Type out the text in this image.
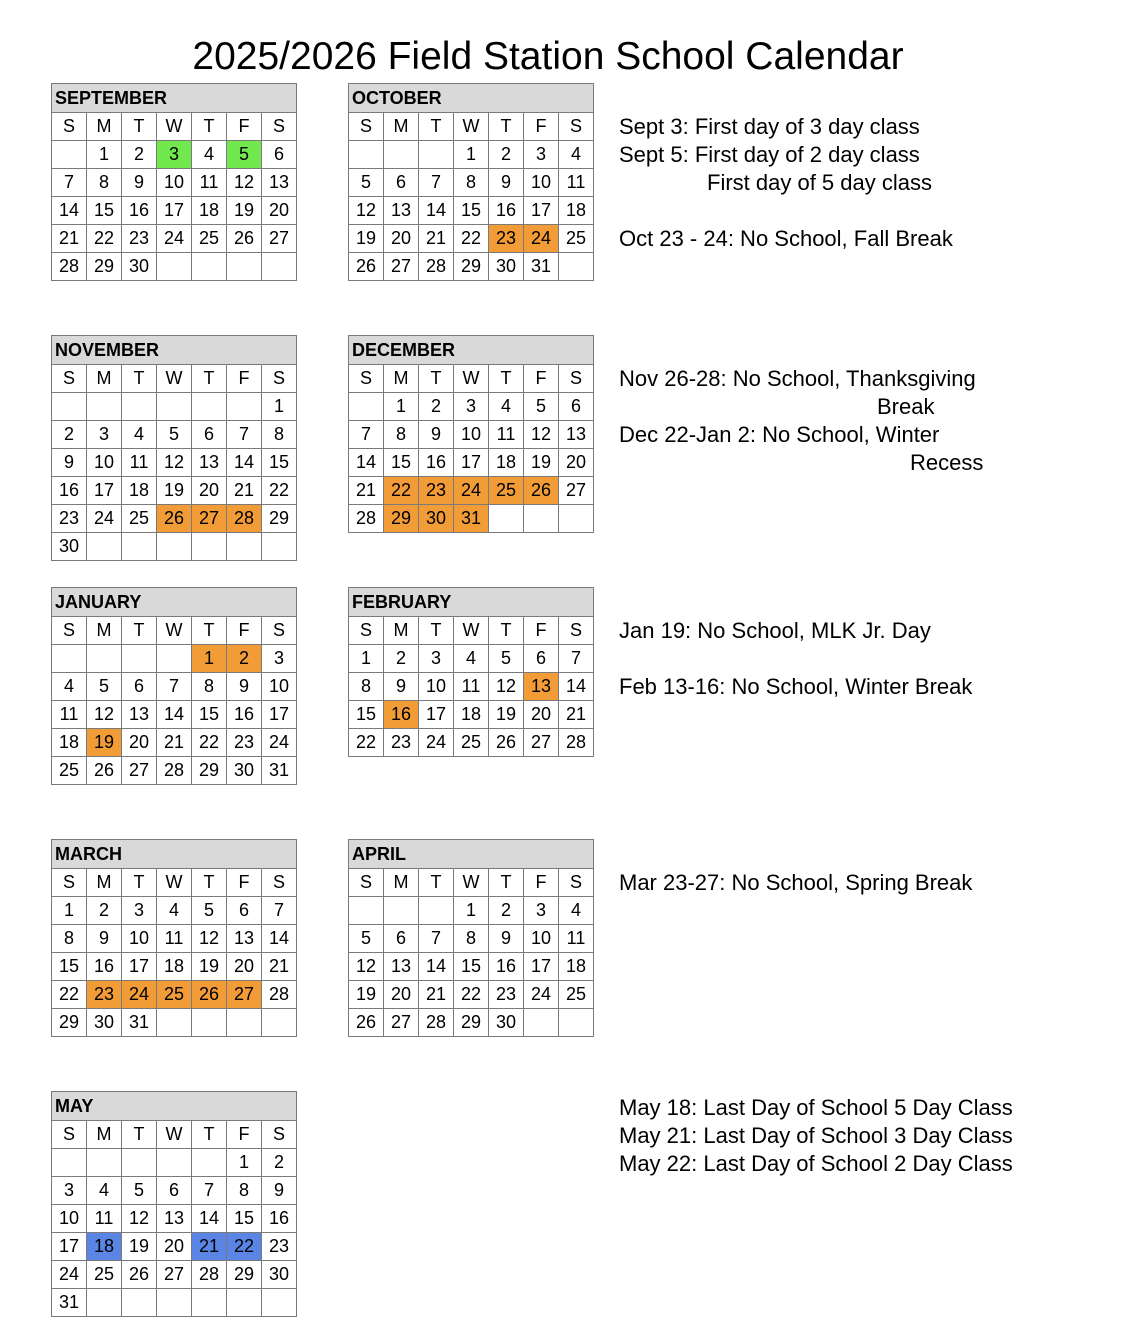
2025/2026 Field Station School Calendar
SEPTEMBER						
S	M	T	W	T	F	S
	1	2	3	4	5	6
7	8	9	10	11	12	13
14	15	16	17	18	19	20
21	22	23	24	25	26	27
28	29	30				
OCTOBER						
S	M	T	W	T	F	S
			1	2	3	4
5	6	7	8	9	10	11
12	13	14	15	16	17	18
19	20	21	22	23	24	25
26	27	28	29	30	31	
NOVEMBER						
S	M	T	W	T	F	S
						1
2	3	4	5	6	7	8
9	10	11	12	13	14	15
16	17	18	19	20	21	22
23	24	25	26	27	28	29
30						
DECEMBER						
S	M	T	W	T	F	S
	1	2	3	4	5	6
7	8	9	10	11	12	13
14	15	16	17	18	19	20
21	22	23	24	25	26	27
28	29	30	31			
JANUARY						
S	M	T	W	T	F	S
				1	2	3
4	5	6	7	8	9	10
11	12	13	14	15	16	17
18	19	20	21	22	23	24
25	26	27	28	29	30	31
FEBRUARY						
S	M	T	W	T	F	S
1	2	3	4	5	6	7
8	9	10	11	12	13	14
15	16	17	18	19	20	21
22	23	24	25	26	27	28
MARCH						
S	M	T	W	T	F	S
1	2	3	4	5	6	7
8	9	10	11	12	13	14
15	16	17	18	19	20	21
22	23	24	25	26	27	28
29	30	31				
APRIL						
S	M	T	W	T	F	S
			1	2	3	4
5	6	7	8	9	10	11
12	13	14	15	16	17	18
19	20	21	22	23	24	25
26	27	28	29	30		
MAY						
S	M	T	W	T	F	S
					1	2
3	4	5	6	7	8	9
10	11	12	13	14	15	16
17	18	19	20	21	22	23
24	25	26	27	28	29	30
31						
Sept 3: First day of 3 day class
Sept 5: First day of 2 day class
First day of 5 day class
Oct 23 - 24: No School, Fall Break
Nov 26-28: No School, Thanksgiving
Break
Dec 22-Jan 2: No School, Winter
Recess
Jan 19: No School, MLK Jr. Day
Feb 13-16: No School, Winter Break
Mar 23-27: No School, Spring Break
May 18: Last Day of School 5 Day Class
May 21: Last Day of School 3 Day Class
May 22: Last Day of School 2 Day Class
